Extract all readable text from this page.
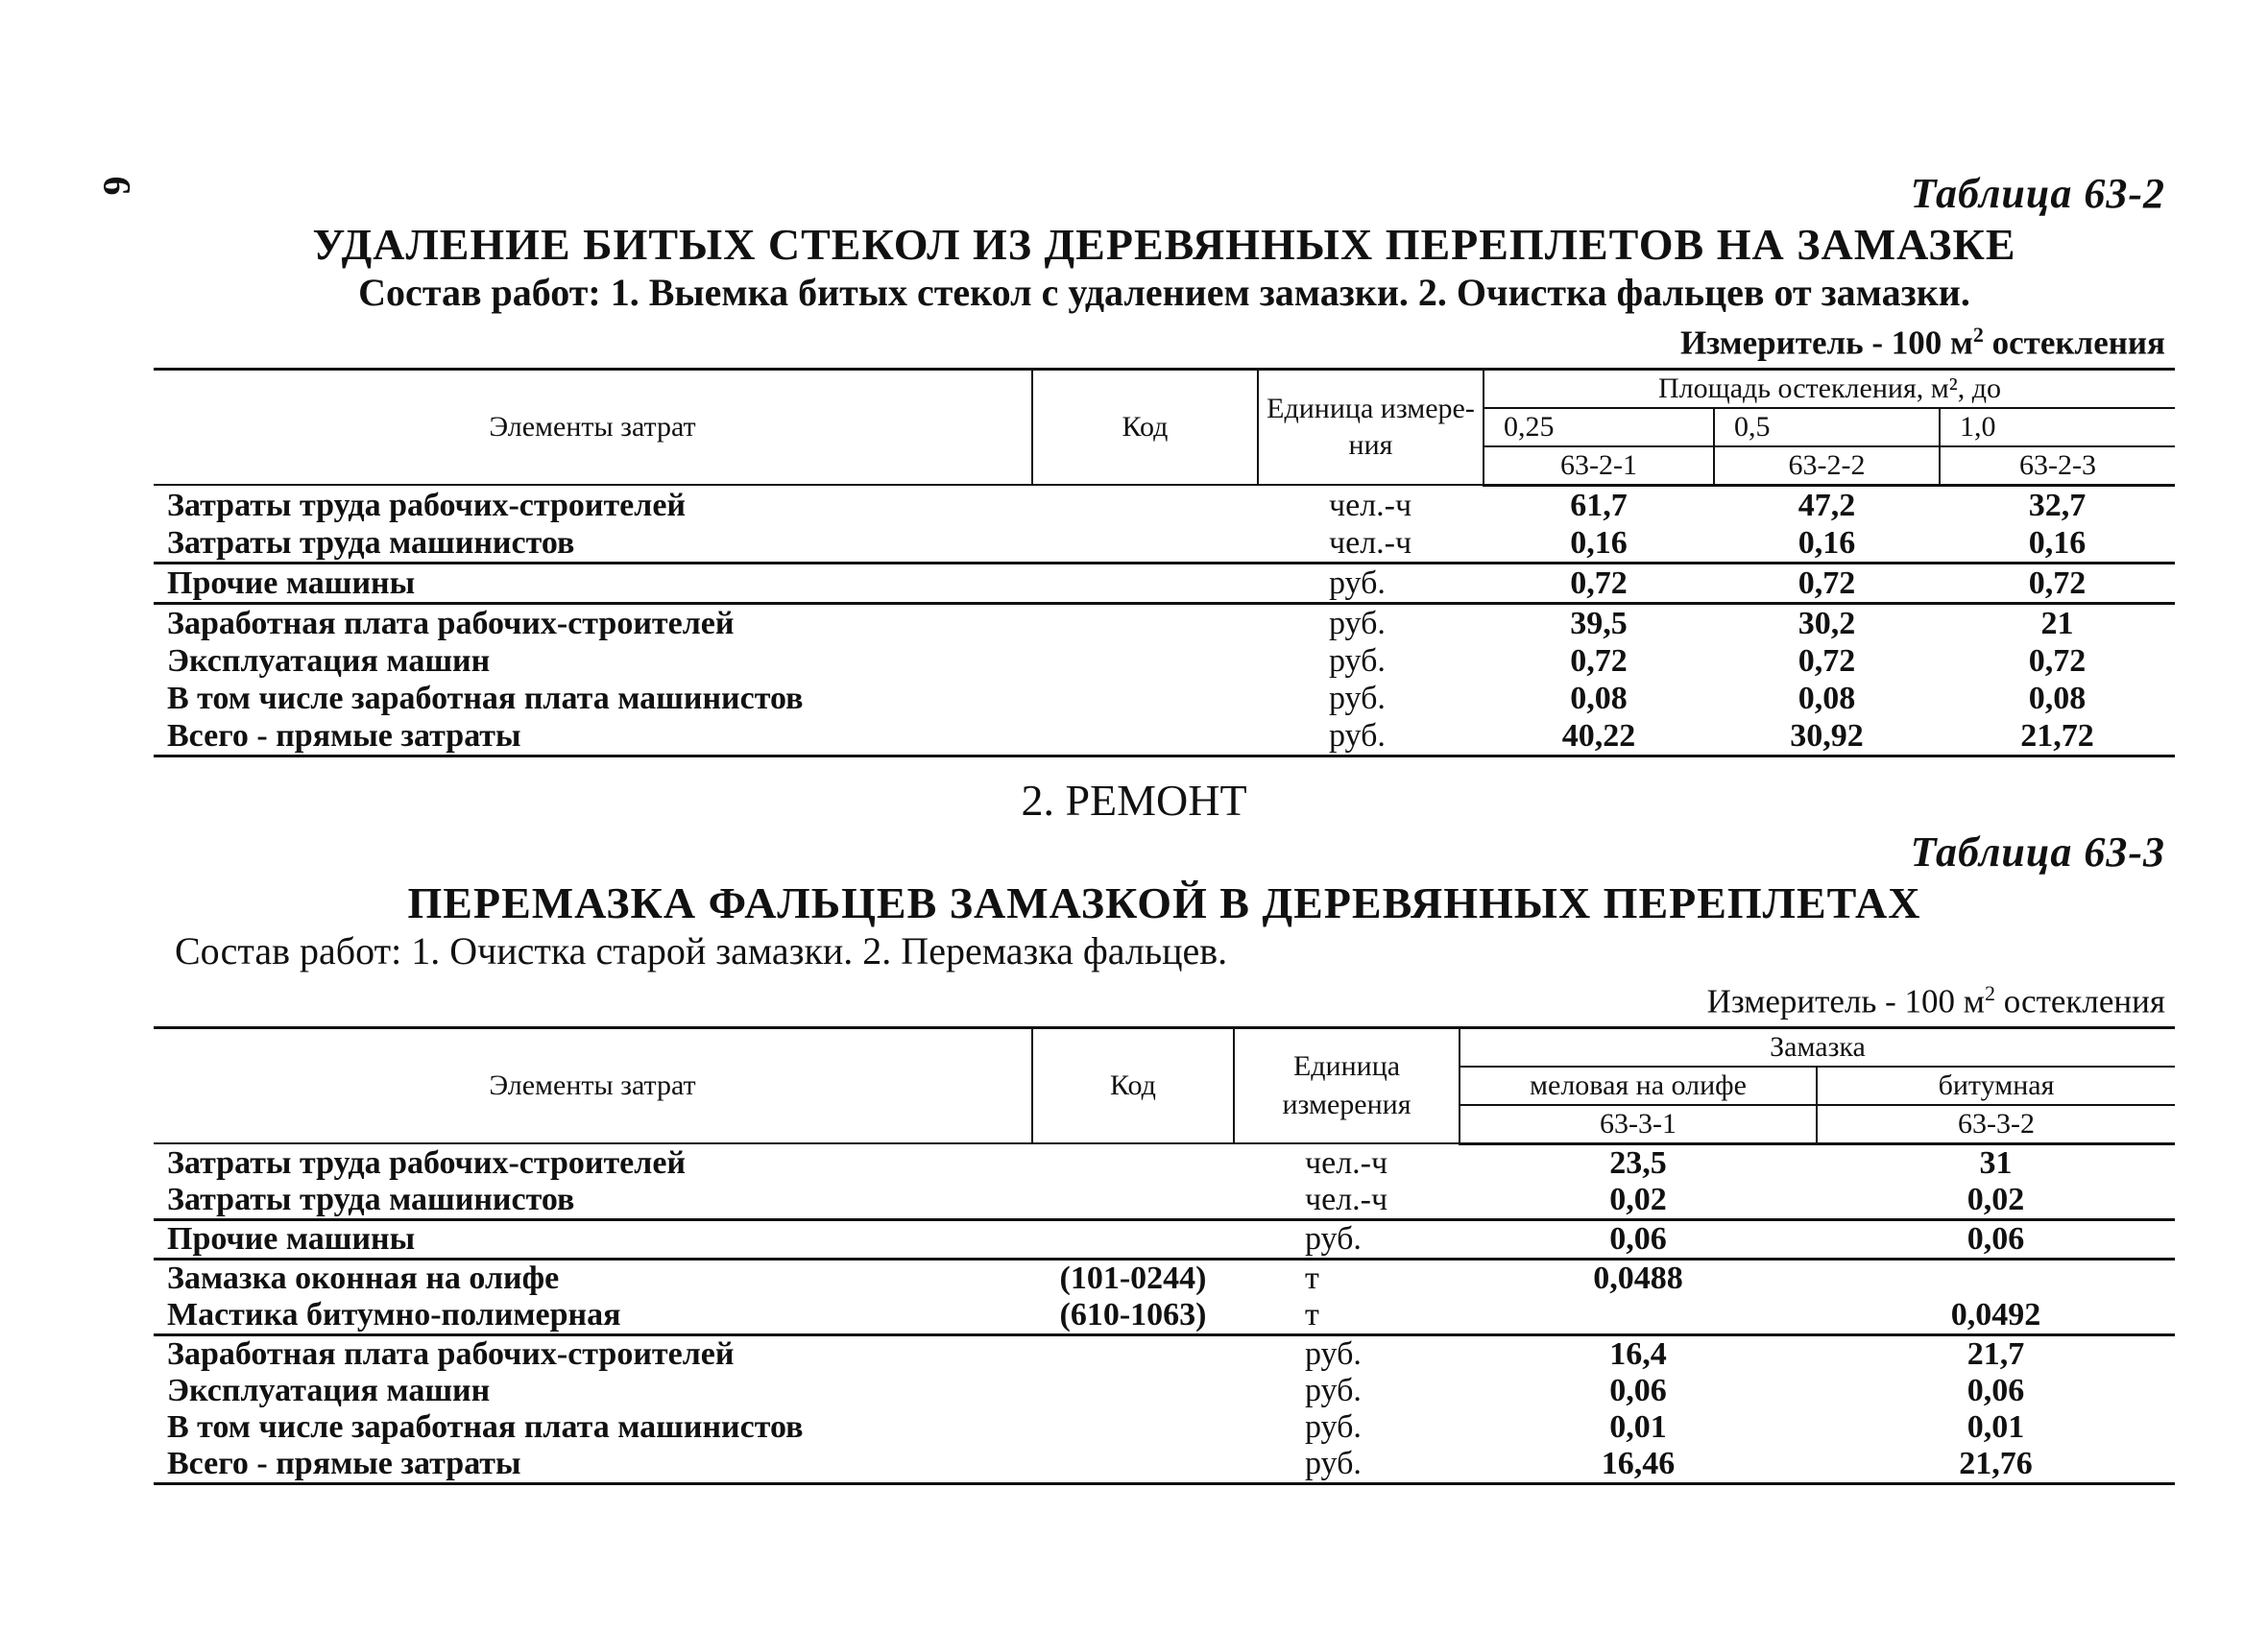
6	Таблица 63-2
УДАЛЕНИЕ БИТЫХ СТЕКОЛ ИЗ ДЕРЕВЯННЫХ ПЕРЕПЛЕТОВ НА ЗАМАЗКЕ
Состав работ: 1. Выемка битых стекол с удалением замазки. 2. Очистка фальцев от замазки.
Измеритель - 100 $м^2$ остекления
Элементы затрат	Код	Единица измере-ния	Площадь остекления, м², до		
			0,25	0,5	1,0
			63-2-1	63-2-2	63-2-3
Затраты труда рабочих-строителей		чел.-ч	61,7	47,2	32,7
Затраты труда машинистов		чел.-ч	0,16	0,16	0,16
Прочие машины		руб.	0,72	0,72	0,72
Заработная плата рабочих-строителей		руб.	39,5	30,2	21
Эксплуатация машин		руб.	0,72	0,72	0,72
В том числе заработная плата машинистов		руб.	0,08	0,08	0,08
Всего - прямые затраты		руб.	40,22	30,92	21,72
2. РЕМОНТ
Таблица 63-3
ПЕРЕМАЗКА ФАЛЬЦЕВ ЗАМАЗКОЙ В ДЕРЕВЯННЫХ ПЕРЕПЛЕТАХ
Состав работ: 1. Очистка старой замазки. 2. Перемазка фальцев.
Измеритель - 100 $м^2$ остекления
Элементы затрат	Код	Единица измерения	Замазка	
			меловая на олифе	битумная
			63-3-1	63-3-2
Затраты труда рабочих-строителей		чел.-ч	23,5	31
Затраты труда машинистов		чел.-ч	0,02	0,02
Прочие машины		руб.	0,06	0,06
Замазка оконная на олифе	(101-0244)	т	0,0488	
Мастика битумно-полимерная	(610-1063)	т		0,0492
Заработная плата рабочих-строителей		руб.	16,4	21,7
Эксплуатация машин		руб.	0,06	0,06
В том числе заработная плата машинистов		руб.	0,01	0,01
Всего - прямые затраты		руб.	16,46	21,76
